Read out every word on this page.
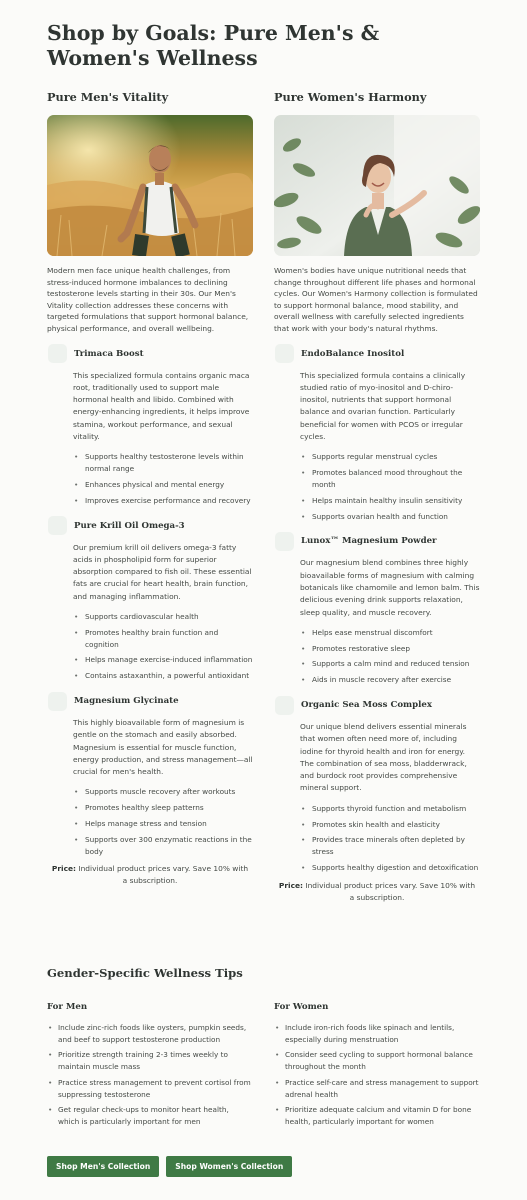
Shop by Goals: Pure Men's & Women's Wellness
Pure Men's Vitality
Modern men face unique health challenges, from stress-induced hormone imbalances to declining testosterone levels starting in their 30s. Our Men's Vitality collection addresses these concerns with targeted formulations that support hormonal balance, physical performance, and overall wellbeing.
Trimaca Boost
This specialized formula contains organic maca root, traditionally used to support male hormonal health and libido. Combined with energy-enhancing ingredients, it helps improve stamina, workout performance, and sexual vitality.
• Supports healthy testosterone levels within normal range
• Enhances physical and mental energy
• Improves exercise performance and recovery
Pure Krill Oil Omega-3
Our premium krill oil delivers omega-3 fatty acids in phospholipid form for superior absorption compared to fish oil. These essential fats are crucial for heart health, brain function, and managing inflammation.
• Supports cardiovascular health
• Promotes healthy brain function and cognition
• Helps manage exercise-induced inflammation
• Contains astaxanthin, a powerful antioxidant
Magnesium Glycinate
This highly bioavailable form of magnesium is gentle on the stomach and easily absorbed. Magnesium is essential for muscle function, energy production, and stress management—all crucial for men's health.
• Supports muscle recovery after workouts
• Promotes healthy sleep patterns
• Helps manage stress and tension
• Supports over 300 enzymatic reactions in the body
Price: Individual product prices vary. Save 10% with a subscription.
Pure Women's Harmony
Women's bodies have unique nutritional needs that change throughout different life phases and hormonal cycles. Our Women's Harmony collection is formulated to support hormonal balance, mood stability, and overall wellness with carefully selected ingredients that work with your body's natural rhythms.
EndoBalance Inositol
This specialized formula contains a clinically studied ratio of myo-inositol and D-chiro-inositol, nutrients that support hormonal balance and ovarian function. Particularly beneficial for women with PCOS or irregular cycles.
• Supports regular menstrual cycles
• Promotes balanced mood throughout the month
• Helps maintain healthy insulin sensitivity
• Supports ovarian health and function
Lunox™ Magnesium Powder
Our magnesium blend combines three highly bioavailable forms of magnesium with calming botanicals like chamomile and lemon balm. This delicious evening drink supports relaxation, sleep quality, and muscle recovery.
• Helps ease menstrual discomfort
• Promotes restorative sleep
• Supports a calm mind and reduced tension
• Aids in muscle recovery after exercise
Organic Sea Moss Complex
Our unique blend delivers essential minerals that women often need more of, including iodine for thyroid health and iron for energy. The combination of sea moss, bladderwrack, and burdock root provides comprehensive mineral support.
• Supports thyroid function and metabolism
• Promotes skin health and elasticity
• Provides trace minerals often depleted by stress
• Supports healthy digestion and detoxification
Price: Individual product prices vary. Save 10% with a subscription.
Gender-Specific Wellness Tips
For Men
• Include zinc-rich foods like oysters, pumpkin seeds, and beef to support testosterone production
• Prioritize strength training 2-3 times weekly to maintain muscle mass
• Practice stress management to prevent cortisol from suppressing testosterone
• Get regular check-ups to monitor heart health, which is particularly important for men
For Women
• Include iron-rich foods like spinach and lentils, especially during menstruation
• Consider seed cycling to support hormonal balance throughout the month
• Practice self-care and stress management to support adrenal health
• Prioritize adequate calcium and vitamin D for bone health, particularly important for women
Shop Men's Collection	Shop Women's Collection
